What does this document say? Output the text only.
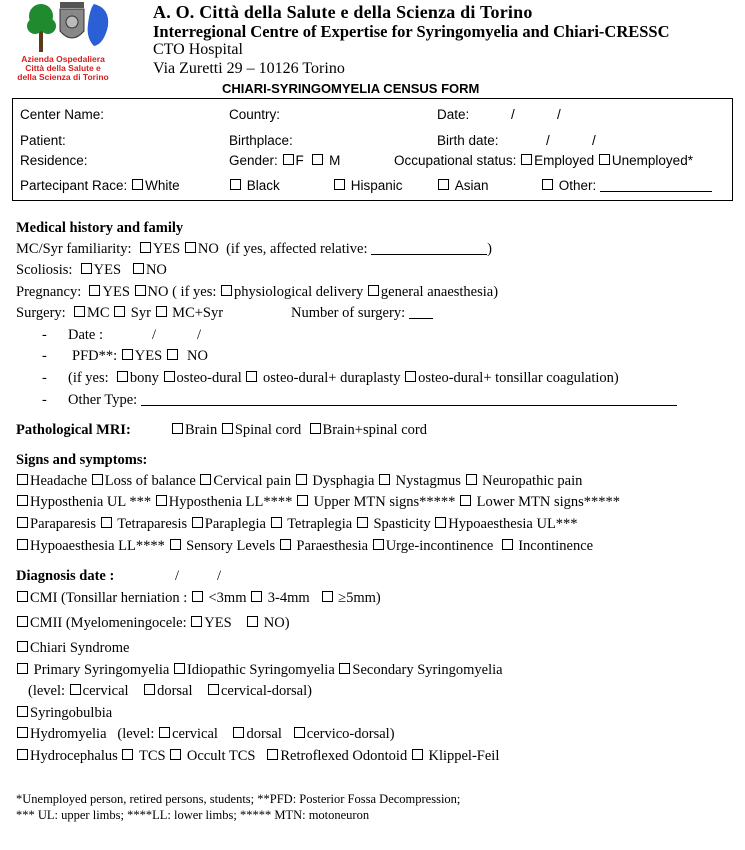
Azienda Ospedaliera
Città della Salute e
della Scienza di Torino
A. O. Città della Salute e della Scienza di Torino
Interregional Centre of Expertise for Syringomyelia and Chiari-CRESSC
CTO Hospital
Via Zuretti 29 – 10126 Torino
CHIARI-SYRINGOMYELIA CENSUS FORM
Center Name:	Country:	Date:	/	/
Patient:	Birthplace:	Birth date:	/	/
Residence:	Gender: F M	Occupational status: Employed Unemployed*
Partecipant Race: White	Black	Hispanic	Asian	Other:
Medical history and family
MC/Syr familiarity: YES NO (if yes, affected relative:	)
Scoliosis: YES NO
Pregnancy: YES NO ( if yes: physiological delivery general anaesthesia)
Surgery: MC Syr MC+Syr	Number of surgery:
- Date :	/	/
- PFD**: YES NO
- (if yes: bony osteo-dural osteo-dural+ duraplasty osteo-dural+ tonsillar coagulation)
- Other Type:
Pathological MRI:	Brain Spinal cord Brain+spinal cord
Signs and symptoms:
Headache Loss of balance Cervical pain Dysphagia Nystagmus Neuropathic pain
Hyposthenia UL *** Hyposthenia LL**** Upper MTN signs***** Lower MTN signs*****
Paraparesis Tetraparesis Paraplegia Tetraplegia Spasticity Hypoaesthesia UL***
Hypoaesthesia LL**** Sensory Levels Paraesthesia Urge-incontinence Incontinence
Diagnosis date :	/	/
CMI (Tonsillar herniation : <3mm 3-4mm ≥5mm)
CMII (Myelomeningocele: YES NO)
Chiari Syndrome
Primary Syringomyelia Idiopathic Syringomyelia Secondary Syringomyelia
(level: cervical dorsal cervical-dorsal)
Syringobulbia
Hydromyelia (level: cervical dorsal cervico-dorsal)
Hydrocephalus TCS Occult TCS Retroflexed Odontoid Klippel-Feil
*Unemployed person, retired persons, students; **PFD: Posterior Fossa Decompression;
*** UL: upper limbs; ****LL: lower limbs; ***** MTN: motoneuron
